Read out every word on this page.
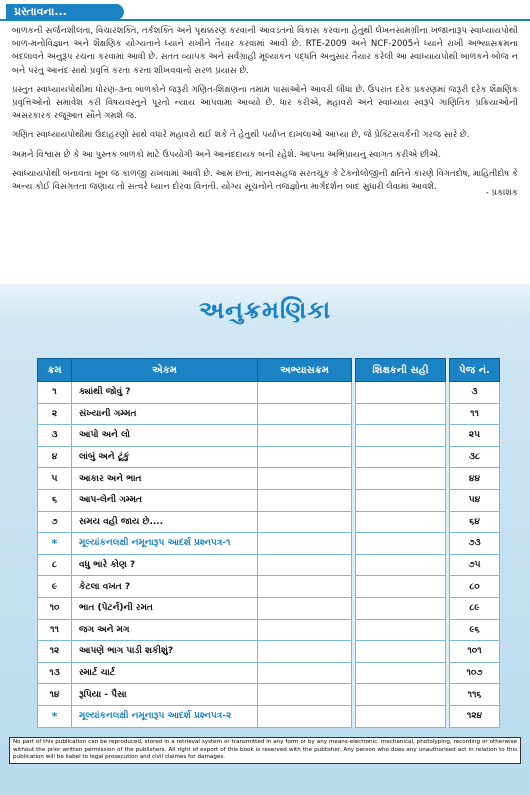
પ્રસ્તાવના...

બાળકની સર્જનશીલતા, વિચારશક્તિ, તર્કશક્તિ અને પૃથક્કરણ કરવાની આવડતનો વિકાસ કરવાના હેતુથી લેખનસામગ્રીના ખજાનારૂપ સ્વાધ્યાયપોથી બાળ-મનોવિજ્ઞાન અને શૈક્ષણિક યોગ્યતાને ધ્યાને રાખીને તૈયાર કરવામાં આવી છે. RTE-2009 અને NCF-2005ને ધ્યાને રાખી અભ્યાસક્રમના બદલાવને અનુરૂપ રચના કરવામાં આવી છે. સતત વ્યાપક અને સર્વગ્રાહી મૂલ્યાંકન પદ્ધતિ અનુસાર તૈયાર કરેલી આ સ્વાધ્યાયપોથી બાળકને બોજ ન બને પરંતુ આનંદ સાથે પ્રવૃત્તિ કરતા કરતા શીખવવાનો સરળ પ્રયાસ છે.

પ્રસ્તુત સ્વાધ્યાયપોથીમાં ધોરણ-૩ના બાળકોને જરૂરી ગણિત-શિક્ષણના તમામ પાસાંઓને આવરી લીધાં છે. ઉપરાંત દરેક પ્રકરણમાં જરૂરી દરેક શૈક્ષણિક પ્રવૃત્તિઓનો સમાવેશ કરી વિષયવસ્તુને પૂરતો ન્યાય આપવામાં આવ્યો છે. ધાર કરીએ, મહાવરો અને સ્વાધ્યાય સ્વરૂપે ગાણિતિક પ્રક્રિયાઓની અસરકારક રજૂઆત સૌને ગમશે જ.

ગણિત સ્વાધ્યાયપોથીમાં ઉદાહરણો સાથે વધારે મહાવરો થઈ શકે તે હેતુથી પર્યાપ્ત દાખલાઓ આપ્યા છે, જે પ્રેક્ટિસવર્કની ગરજ સારે છે.

અમને વિશ્વાસ છે કે આ પુસ્તક બાળકો માટે ઉપયોગી અને આનંદદાયક બની રહેશે. આપના અભિપ્રાયનું સ્વાગત કરીએ છીએ.

સ્વાધ્યાયપોથી બનાવતા ખૂબ જ કાળજી રાખવામાં આવી છે. આમ છતાં, માનવસહજ સરતચૂક કે ટેક્નોલોજીની ક્ષતિને કારણે વિગતદોષ, માહિતીદોષ કે અન્ય કોઈ વિસંગતતા જણાય તો સત્વરે ધ્યાન દોરવા વિનંતી. યોગ્ય સૂચનોને તજજ્ઞોના માર્ગદર્શન બાદ સુધારી લેવામાં આવશે.

- પ્રકાશક

અનુક્રમણિકા
ક્રમ	એકમ	અભ્યાસક્રમ		શિક્ષકની સહી		પેજ નં.
૧	ક્યાંથી જોવું ?					૩
૨	સંખ્યાની ગમ્મત					૧૧
૩	આપો અને લો					૨૫
૪	લાંબું અને ટૂંકું					૩૮
૫	આકાર અને ભાત					૪૪
૬	આપ-લેની ગમ્મત					૫૪
૭	સમય વહી જાય છે....					૬૪
*	મૂલ્યાંકનલક્ષી નમૂનારૂપ આદર્શ પ્રશ્નપત્ર-૧					૭૩
૮	વધુ ભારે કોણ ?					૭૫
૯	કેટલા વખત ?					૮૦
૧૦	ભાત (પેટર્ન)ની રમત					૮૯
૧૧	જગ અને મગ					૯૬
૧૨	આપણે ભાગ પાડી શકીશું?					૧૦૧
૧૩	સ્માર્ટ ચાર્ટ					૧૦૭
૧૪	રૂપિયા - પૈસા					૧૧૬
*	મૂલ્યાંકનલક્ષી નમૂનારૂપ આદર્શ પ્રશ્નપત્ર-૨					૧૨૪
No part of this publication can be reproduced, stored in a retrieval system or transmitted in any form or by any means-electronic, mechanical, photolyping, recording or otherwise without the prior written permission of the publishers. All right of export of this book is reserved with the publisher. Any person who does any unauthorised act in relation to this publication will be liabel to legal prosecution and civil claimes for damages.
